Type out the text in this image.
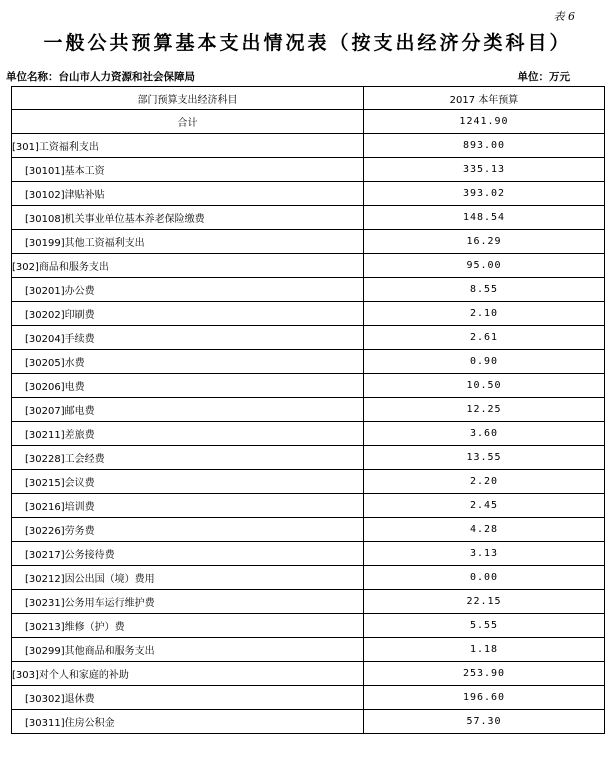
表 6
一般公共预算基本支出情况表（按支出经济分类科目）
单位名称：台山市人力资源和社会保障局	单位：万元
部门预算支出经济科目	2017 本年预算
合计	1241.90
[301]工资福利支出	893.00
[30101]基本工资	335.13
[30102]津贴补贴	393.02
[30108]机关事业单位基本养老保险缴费	148.54
[30199]其他工资福利支出	16.29
[302]商品和服务支出	95.00
[30201]办公费	8.55
[30202]印刷费	2.10
[30204]手续费	2.61
[30205]水费	0.90
[30206]电费	10.50
[30207]邮电费	12.25
[30211]差旅费	3.60
[30228]工会经费	13.55
[30215]会议费	2.20
[30216]培训费	2.45
[30226]劳务费	4.28
[30217]公务接待费	3.13
[30212]因公出国（境）费用	0.00
[30231]公务用车运行维护费	22.15
[30213]维修（护）费	5.55
[30299]其他商品和服务支出	1.18
[303]对个人和家庭的补助	253.90
[30302]退休费	196.60
[30311]住房公积金	57.30
